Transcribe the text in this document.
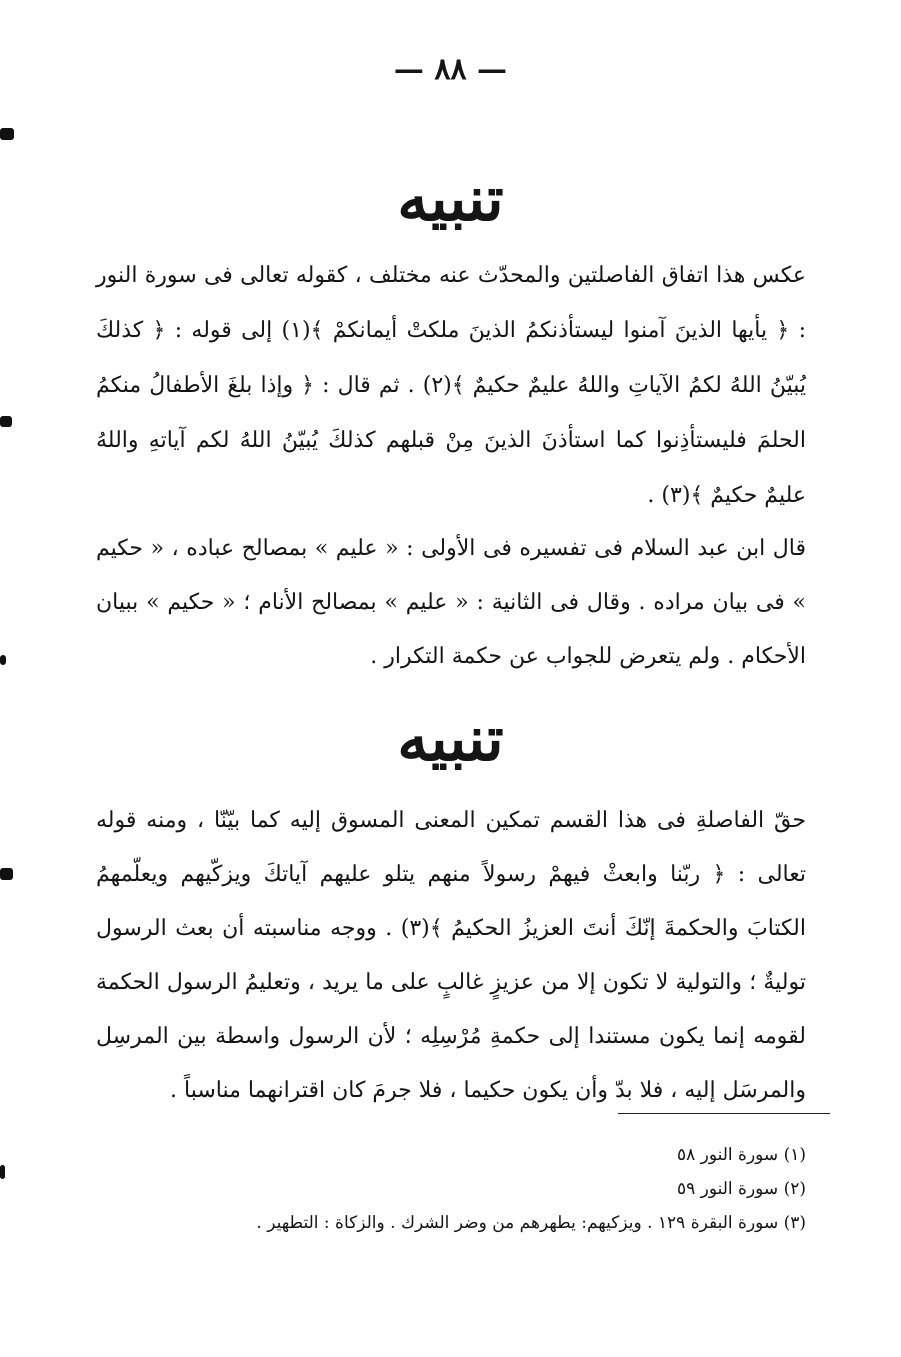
— ٨٨ —
تنبيه

عكس هذا اتفاق الفاصلتين والمحدّث عنه مختلف ، كقوله تعالى فى سورة النور : ﴿ يأيها الذينَ آمنوا ليستأذنكمُ الذينَ ملكتْ أيمانكمْ ﴾(١) إلى قوله : ﴿ كذلكَ يُبيّنُ اللهُ لكمُ الآياتِ واللهُ عليمٌ حكيمٌ ﴾(٢) . ثم قال : ﴿ وإذا بلغَ الأطفالُ منكمُ الحلمَ فليستأذِنوا كما استأذنَ الذينَ مِنْ قبلهم كذلكَ يُبيّنُ اللهُ لكم آياتهِ واللهُ عليمٌ حكيمٌ ﴾(٣) .

قال ابن عبد السلام فى تفسيره فى الأولى : « عليم » بمصالح عباده ، « حكيم » فى بيان مراده . وقال فى الثانية : « عليم » بمصالح الأنام ؛ « حكيم » ببيان الأحكام . ولم يتعرض للجواب عن حكمة التكرار .

تنبيه

حقّ الفاصلةِ فى هذا القسم تمكين المعنى المسوق إليه كما بيّنّا ، ومنه قوله تعالى : ﴿ ربّنا وابعثْ فيهمْ رسولاً منهم يتلو عليهم آياتكَ ويزكّيهم ويعلّمهمُ الكتابَ والحكمةَ إنّكَ أنتَ العزيزُ الحكيمُ ﴾(٣) . ووجه مناسبته أن بعث الرسول توليةٌ ؛ والتولية لا تكون إلا من عزيزٍ غالبٍ على ما يريد ، وتعليمُ الرسول الحكمة لقومه إنما يكون مستندا إلى حكمةِ مُرْسِلِه ؛ لأن الرسول واسطة بين المرسِل والمرسَل إليه ، فلا بدّ وأن يكون حكيما ، فلا جرمَ كان اقترانهما مناسباً .

(١) سورة النور ٥٨
(٢) سورة النور ٥٩
(٣) سورة البقرة ١٢٩ . ويزكيهم: يطهرهم من وضر الشرك . والزكاة : التطهير .
